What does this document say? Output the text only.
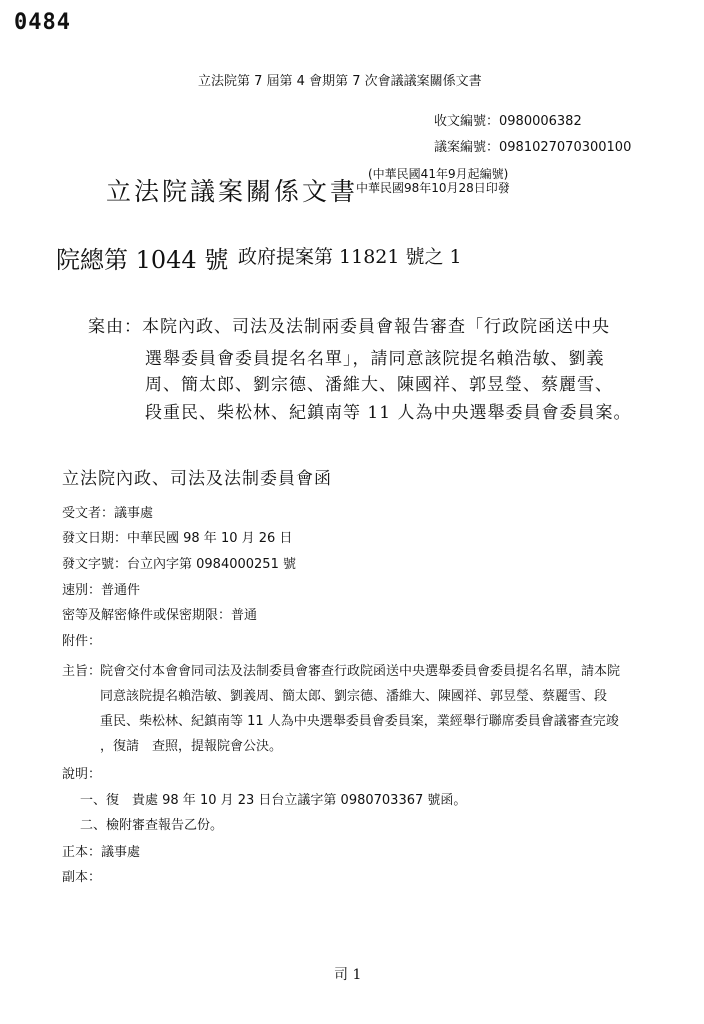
0484
立法院第 7 屆第 4 會期第 7 次會議議案關係文書
收文編號：0980006382
議案編號：0981027070300100
立法院議案關係文書
(中華民國41年9月起編號)
中華民國98年10月28日印發
院總第 1044 號 政府提案第 11821 號之 1
案由：本院內政、司法及法制兩委員會報告審查「行政院函送中央
選舉委員會委員提名名單」，請同意該院提名賴浩敏、劉義
周、簡太郎、劉宗德、潘維大、陳國祥、郭昱瑩、蔡麗雪、
段重民、柴松林、紀鎮南等 11 人為中央選舉委員會委員案。
立法院內政、司法及法制委員會函
受文者：議事處
發文日期：中華民國 98 年 10 月 26 日
發文字號：台立內字第 0984000251 號
速別：普通件
密等及解密條件或保密期限：普通
附件：
主旨：
院會交付本會會同司法及法制委員會審查行政院函送中央選舉委員會委員提名名單，請本院
同意該院提名賴浩敏、劉義周、簡太郎、劉宗德、潘維大、陳國祥、郭昱瑩、蔡麗雪、段
重民、柴松林、紀鎮南等 11 人為中央選舉委員會委員案，業經舉行聯席委員會議審查完竣
，復請　查照，提報院會公決。
說明：
一、復　貴處 98 年 10 月 23 日台立議字第 0980703367 號函。
二、檢附審查報告乙份。
正本：議事處
副本：
司 1
